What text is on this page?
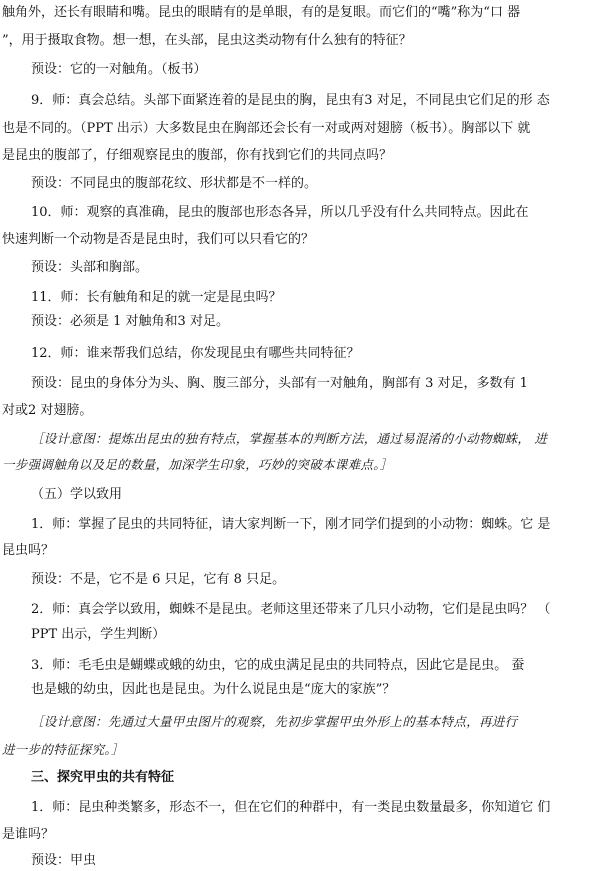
触角外，还长有眼睛和嘴。昆虫的眼睛有的是单眼，有的是复眼。而它们的“嘴”称为“口 器
”，用于摄取食物。想一想，在头部，昆虫这类动物有什么独有的特征？
预设：它的一对触角。（板书）
9．师：真会总结。头部下面紧连着的是昆虫的胸，昆虫有3 对足，不同昆虫它们足的形 态
也是不同的。（PPT 出示）大多数昆虫在胸部还会长有一对或两对翅膀（板书）。胸部以下 就
是昆虫的腹部了，仔细观察昆虫的腹部，你有找到它们的共同点吗？
预设：不同昆虫的腹部花纹、形状都是不一样的。
10．师：观察的真准确，昆虫的腹部也形态各异，所以几乎没有什么共同特点。因此在
快速判断一个动物是否是昆虫时，我们可以只看它的？
预设：头部和胸部。
11．师：长有触角和足的就一定是昆虫吗？
预设：必须是 1 对触角和3 对足。
12．师：谁来帮我们总结，你发现昆虫有哪些共同特征？
预设：昆虫的身体分为头、胸、腹三部分，头部有一对触角，胸部有 3 对足，多数有 1
对或2 对翅膀。
［设计意图：提炼出昆虫的独有特点，掌握基本的判断方法，通过易混淆的小动物蜘蛛， 进
一步强调触角以及足的数量，加深学生印象，巧妙的突破本课难点。］
（五）学以致用
1．师：掌握了昆虫的共同特征，请大家判断一下，刚才同学们提到的小动物：蜘蛛。它 是
昆虫吗？
预设：不是，它不是 6 只足，它有 8 只足。
2．师：真会学以致用，蜘蛛不是昆虫。老师这里还带来了几只小动物，它们是昆虫吗？ （
PPT 出示，学生判断）
3．师：毛毛虫是蝴蝶或蛾的幼虫，它的成虫满足昆虫的共同特点，因此它是昆虫。 蚕
也是蛾的幼虫，因此也是昆虫。为什么说昆虫是“庞大的家族”？
［设计意图：先通过大量甲虫图片的观察，先初步掌握甲虫外形上的基本特点，再进行
进一步的特征探究。］
三、探究甲虫的共有特征
1．师：昆虫种类繁多，形态不一，但在它们的种群中，有一类昆虫数量最多，你知道它 们
是谁吗？
预设：甲虫
